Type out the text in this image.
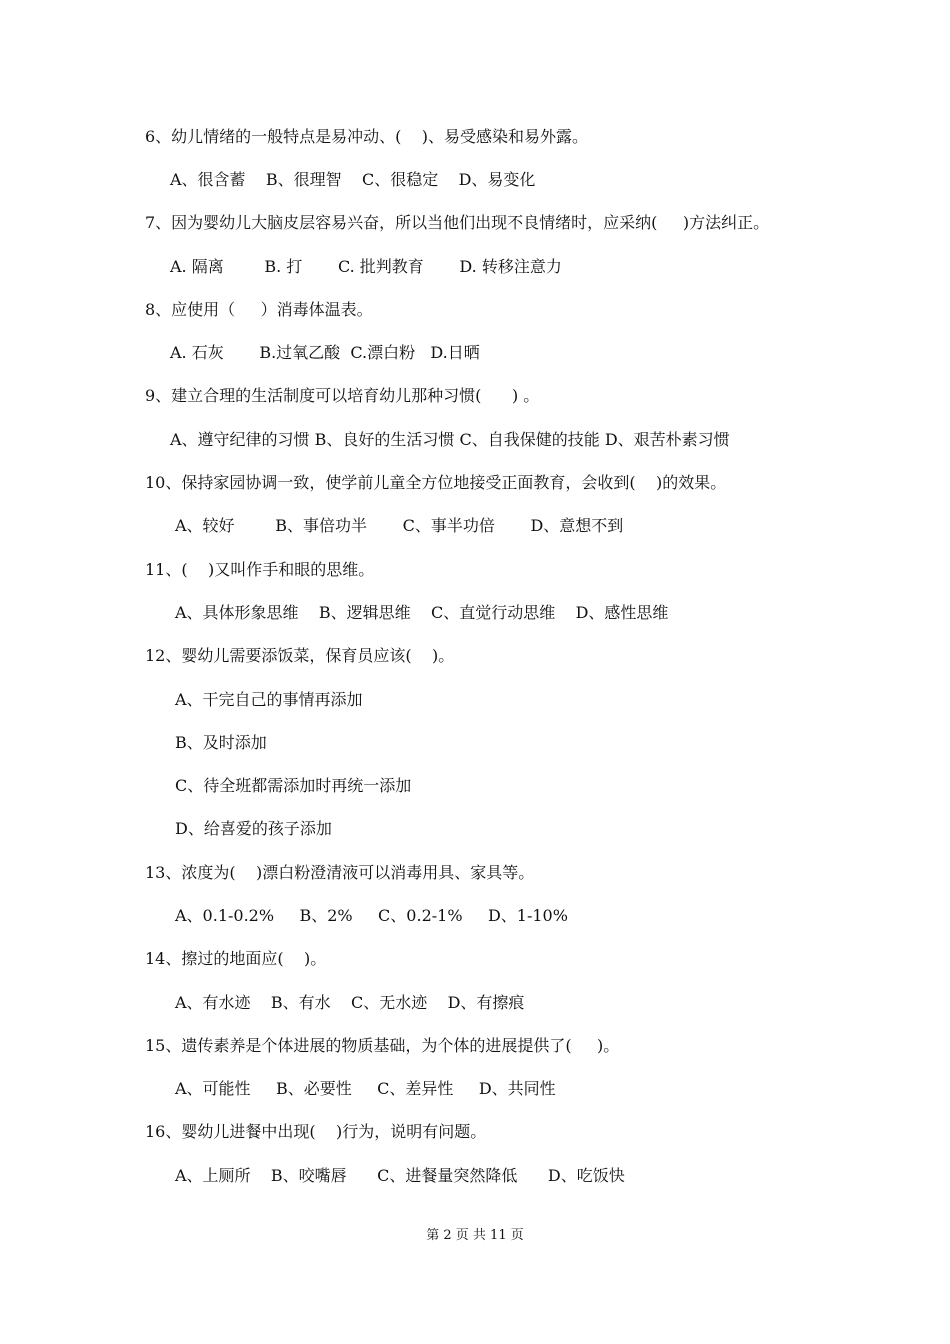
6、幼儿情绪的一般特点是易冲动、(    )、易受感染和易外露。
A、很含蓄    B、很理智    C、很稳定    D、易变化
7、因为婴幼儿大脑皮层容易兴奋，所以当他们出现不良情绪时，应采纳(     )方法纠正。
A. 隔离        B. 打       C. 批判教育       D. 转移注意力
8、应使用（     ）消毒体温表。
A. 石灰       B.过氧乙酸  C.漂白粉   D.日晒
9、建立合理的生活制度可以培育幼儿那种习惯(      ) 。
A、遵守纪律的习惯 B、良好的生活习惯 C、自我保健的技能 D、艰苦朴素习惯
10、保持家园协调一致，使学前儿童全方位地接受正面教育，会收到(    )的效果。
A、较好        B、事倍功半       C、事半功倍       D、意想不到
11、(    )又叫作手和眼的思维。
A、具体形象思维    B、逻辑思维    C、直觉行动思维    D、感性思维
12、婴幼儿需要添饭菜，保育员应该(    )。
A、干完自己的事情再添加
B、及时添加
C、待全班都需添加时再统一添加
D、给喜爱的孩子添加
13、浓度为(    )漂白粉澄清液可以消毒用具、家具等。
A、0.1-0.2%     B、2%     C、0.2-1%     D、1-10%
14、擦过的地面应(    )。
A、有水迹    B、有水    C、无水迹    D、有擦痕
15、遗传素养是个体进展的物质基础，为个体的进展提供了(     )。
A、可能性     B、必要性     C、差异性     D、共同性
16、婴幼儿进餐中出现(    )行为，说明有问题。
A、上厕所    B、咬嘴唇      C、进餐量突然降低      D、吃饭快
第 2 页 共 11 页
